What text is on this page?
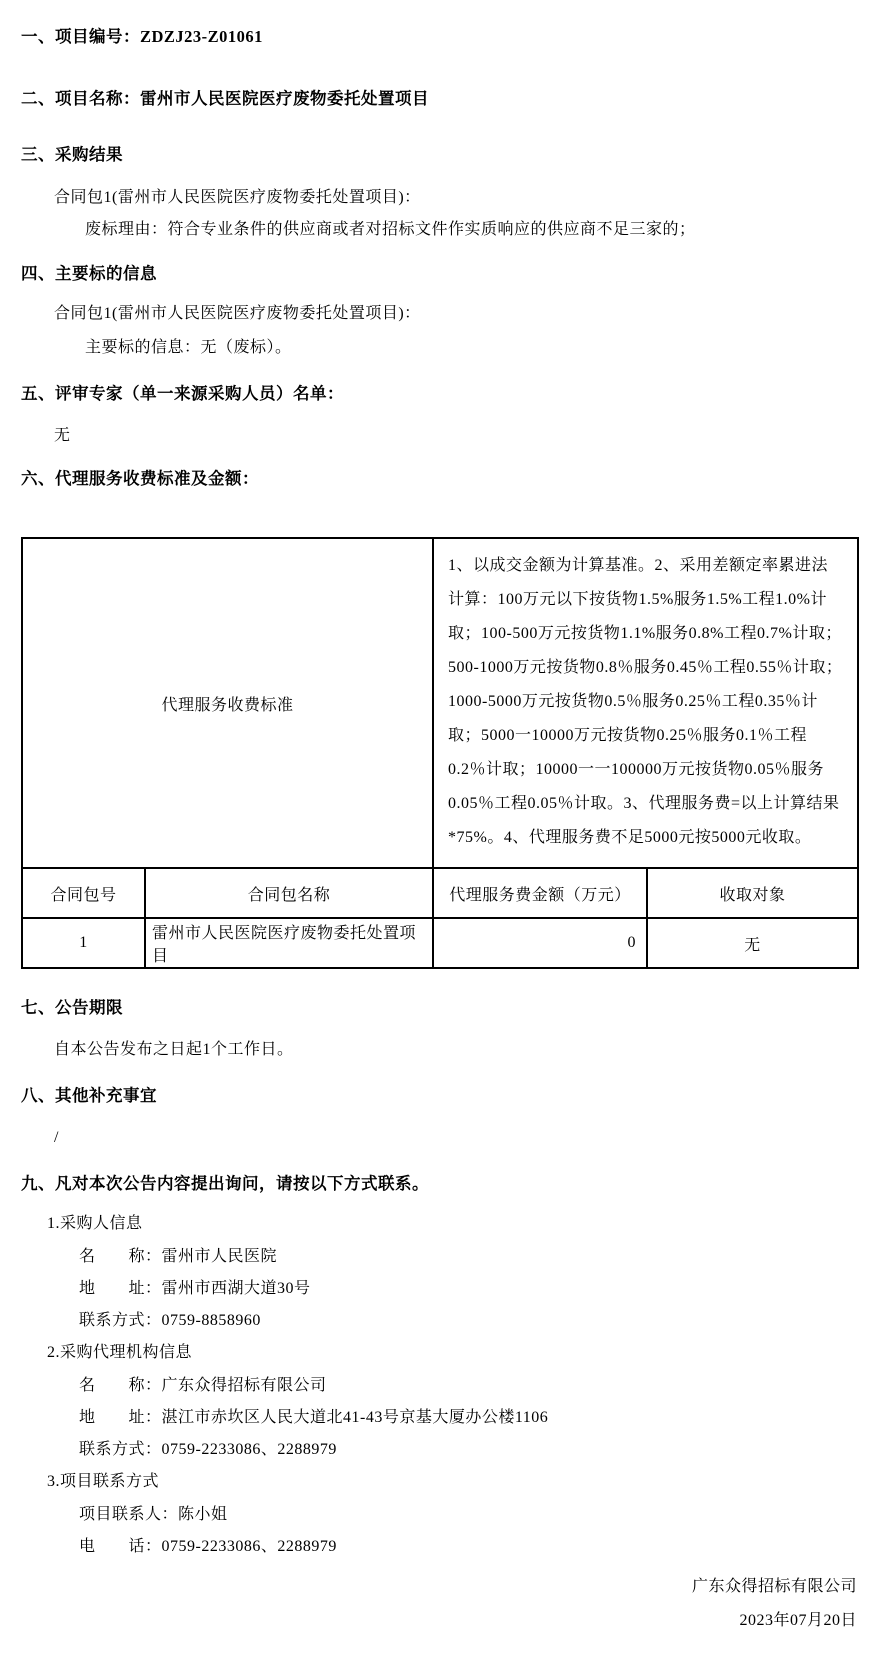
一、项目编号：ZDZJ23-Z01061
二、项目名称：雷州市人民医院医疗废物委托处置项目
三、采购结果
合同包1(雷州市人民医院医疗废物委托处置项目)：
废标理由：符合专业条件的供应商或者对招标文件作实质响应的供应商不足三家的；
四、主要标的信息
合同包1(雷州市人民医院医疗废物委托处置项目)：
主要标的信息：无（废标）。
五、评审专家（单一来源采购人员）名单：
无
六、代理服务收费标准及金额：
代理服务收费标准		1、以成交金额为计算基准。2、采用差额定率累进法计算：100万元以下按货物1.5%服务1.5%工程1.0%计取；100-500万元按货物1.1%服务0.8%工程0.7%计取；500-1000万元按货物0.8％服务0.45％工程0.55％计取；1000-5000万元按货物0.5％服务0.25％工程0.35％计取；5000一10000万元按货物0.25％服务0.1％工程0.2％计取；10000一一100000万元按货物0.05％服务0.05％工程0.05％计取。3、代理服务费=以上计算结果*75%。4、代理服务费不足5000元按5000元收取。	
合同包号	合同包名称	代理服务费金额（万元）	收取对象
1	雷州市人民医院医疗废物委托处置项目	0	无
七、公告期限
自本公告发布之日起1个工作日。
八、其他补充事宜
/
九、凡对本次公告内容提出询问，请按以下方式联系。
1.采购人信息
名　　称：雷州市人民医院
地　　址：雷州市西湖大道30号
联系方式：0759-8858960
2.采购代理机构信息
名　　称：广东众得招标有限公司
地　　址：湛江市赤坎区人民大道北41-43号京基大厦办公楼1106
联系方式：0759-2233086、2288979
3.项目联系方式
项目联系人：陈小姐
电　　话：0759-2233086、2288979
广东众得招标有限公司
2023年07月20日
